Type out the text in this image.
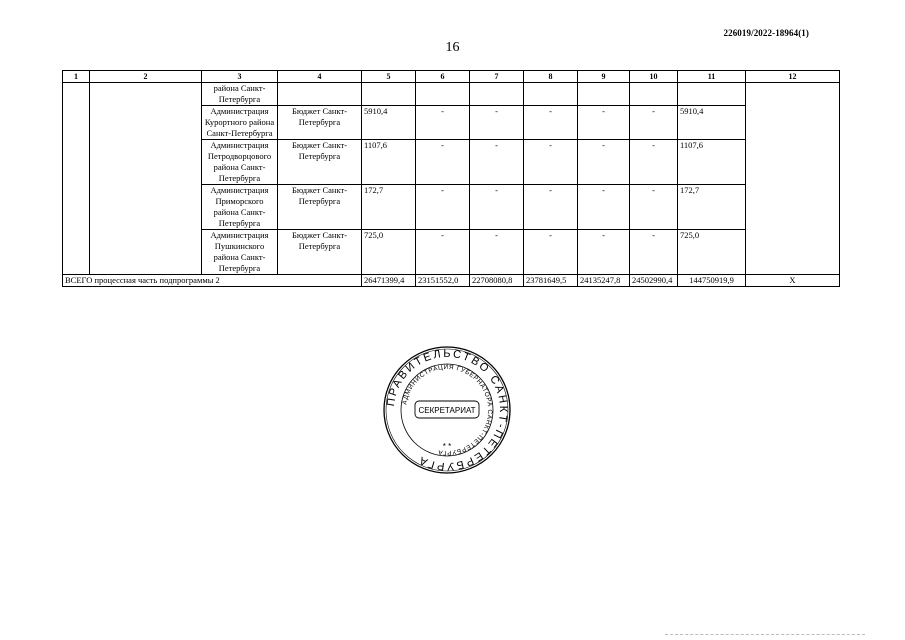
226019/2022-18964(1)
16
1	2	3	4	5	6	7	8	9	10	11	12
		района Санкт-Петербурга									
		Администрация Курортного района Санкт-Петербурга	Бюджет Санкт-Петербурга	5910,4	-	-	-	-	-	5910,4	
		Администрация Петродворцового района Санкт-Петербурга	Бюджет Санкт-Петербурга	1107,6	-	-	-	-	-	1107,6	
		Администрация Приморского района Санкт-Петербурга	Бюджет Санкт-Петербурга	172,7	-	-	-	-	-	172,7	
		Администрация Пушкинского района Санкт-Петербурга	Бюджет Санкт-Петербурга	725,0	-	-	-	-	-	725,0	
ВСЕГО процессная часть подпрограммы 2				26471399,4	23151552,0	22708080,8	23781649,5	24135247,8	24502990,4	144750919,9	Х
ПРАВИТЕЛЬСТВО САНКТ-ПЕТЕРБУРГА
АДМИНИСТРАЦИЯ ГУБЕРНАТОРА САНКТ-ПЕТЕРБУРГА
СЕКРЕТАРИАТ
* *
